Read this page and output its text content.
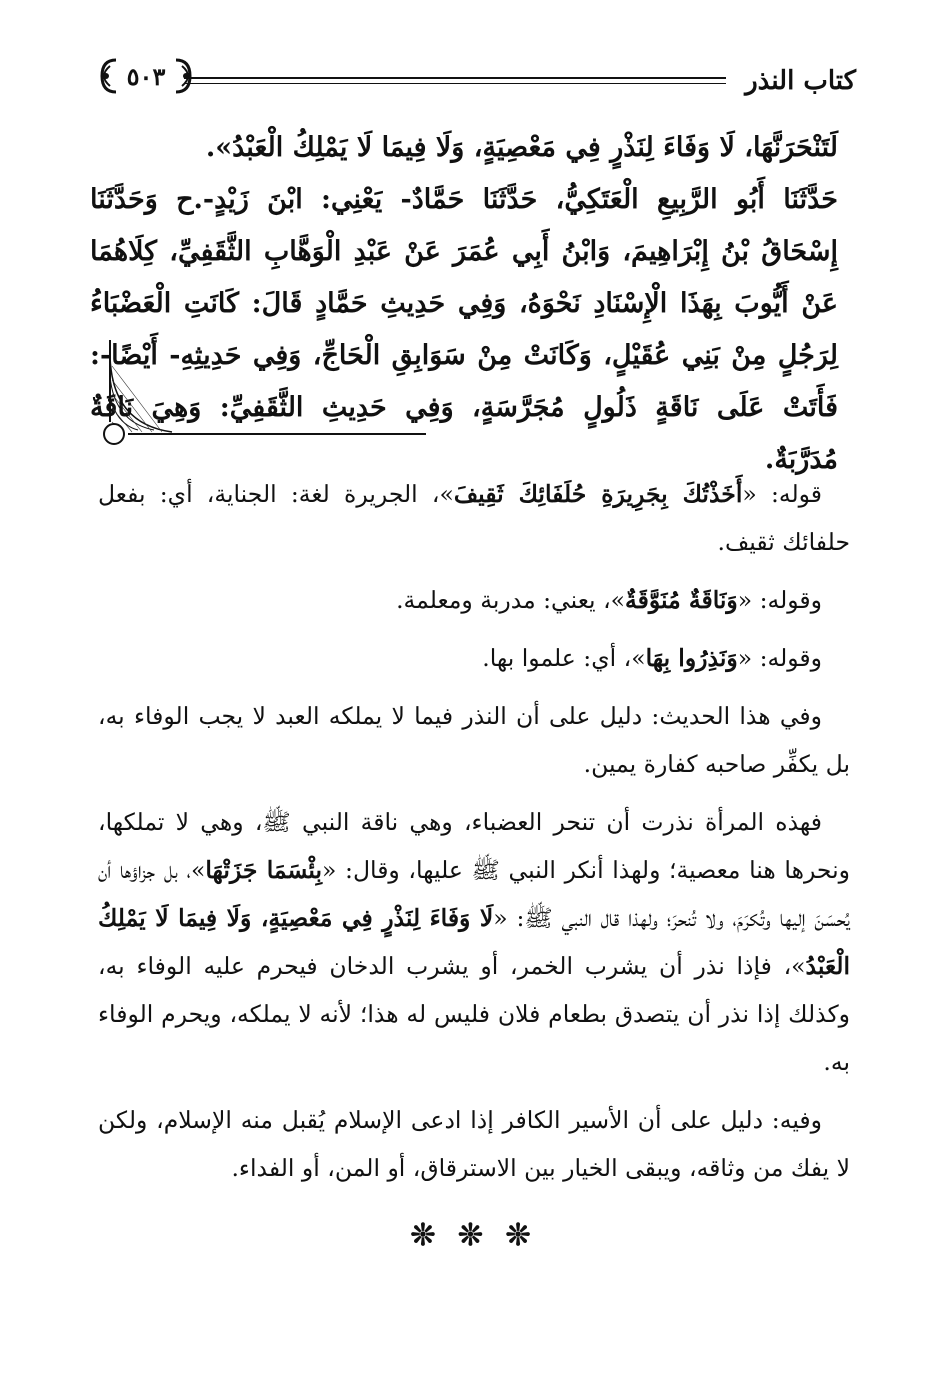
كتاب النذر
٥٠٣

لَتَنْحَرَنَّهَا، لَا وَفَاءَ لِنَذْرٍ فِي مَعْصِيَةٍ، وَلَا فِيمَا لَا يَمْلِكُ الْعَبْدُ».

حَدَّثَنَا أَبُو الرَّبِيعِ الْعَتَكِيُّ، حَدَّثَنَا حَمَّادٌ- يَعْنِي: ابْنَ زَيْدٍ-.ح وَحَدَّثَنَا إِسْحَاقُ بْنُ إِبْرَاهِيمَ، وَابْنُ أَبِي عُمَرَ عَنْ عَبْدِ الْوَهَّابِ الثَّقَفِيِّ، كِلَاهُمَا عَنْ أَيُّوبَ بِهَذَا الْإِسْنَادِ نَحْوَهُ، وَفِي حَدِيثِ حَمَّادٍ قَالَ: كَانَتِ الْعَضْبَاءُ لِرَجُلٍ مِنْ بَنِي عُقَيْلٍ، وَكَانَتْ مِنْ سَوَابِقِ الْحَاجِّ، وَفِي حَدِيثِهِ- أَيْضًا-: فَأَتَتْ عَلَى نَاقَةٍ ذَلُولٍ مُجَرَّسَةٍ، وَفِي حَدِيثِ الثَّقَفِيِّ: وَهِيَ نَاقَةٌ مُدَرَّبَةٌ.

قوله: «أَخَذْتُكَ بِجَرِيرَةِ حُلَفَائِكَ ثَقِيفَ»، الجريرة لغة: الجناية، أي: بفعل حلفائك ثقيف.

وقوله: «وَنَاقَةٌ مُنَوَّقَةٌ»، يعني: مدربة ومعلمة.

وقوله: «وَنَذِرُوا بِهَا»، أي: علموا بها.

وفي هذا الحديث: دليل على أن النذر فيما لا يملكه العبد لا يجب الوفاء به، بل يكفِّر صاحبه كفارة يمين.

فهذه المرأة نذرت أن تنحر العضباء، وهي ناقة النبي ﷺ، وهي لا تملكها، ونحرها هنا معصية؛ ولهذا أنكر النبي ﷺ عليها، وقال: «بِئْسَمَا جَزَتْهَا»، بل جزاؤها أن يُحسَنَ إليها وتُكرَمَ، ولا تُنحرَ؛ ولهذا قال النبي ﷺ: «لَا وَفَاءَ لِنَذْرٍ فِي مَعْصِيَةٍ، وَلَا فِيمَا لَا يَمْلِكُ الْعَبْدُ»، فإذا نذر أن يشرب الخمر، أو يشرب الدخان فيحرم عليه الوفاء به، وكذلك إذا نذر أن يتصدق بطعام فلان فليس له هذا؛ لأنه لا يملكه، ويحرم الوفاء به.

وفيه: دليل على أن الأسير الكافر إذا ادعى الإسلام يُقبل منه الإسلام، ولكن لا يفك من وثاقه، ويبقى الخيار بين الاسترقاق، أو المن، أو الفداء.

❊ ❊ ❊
